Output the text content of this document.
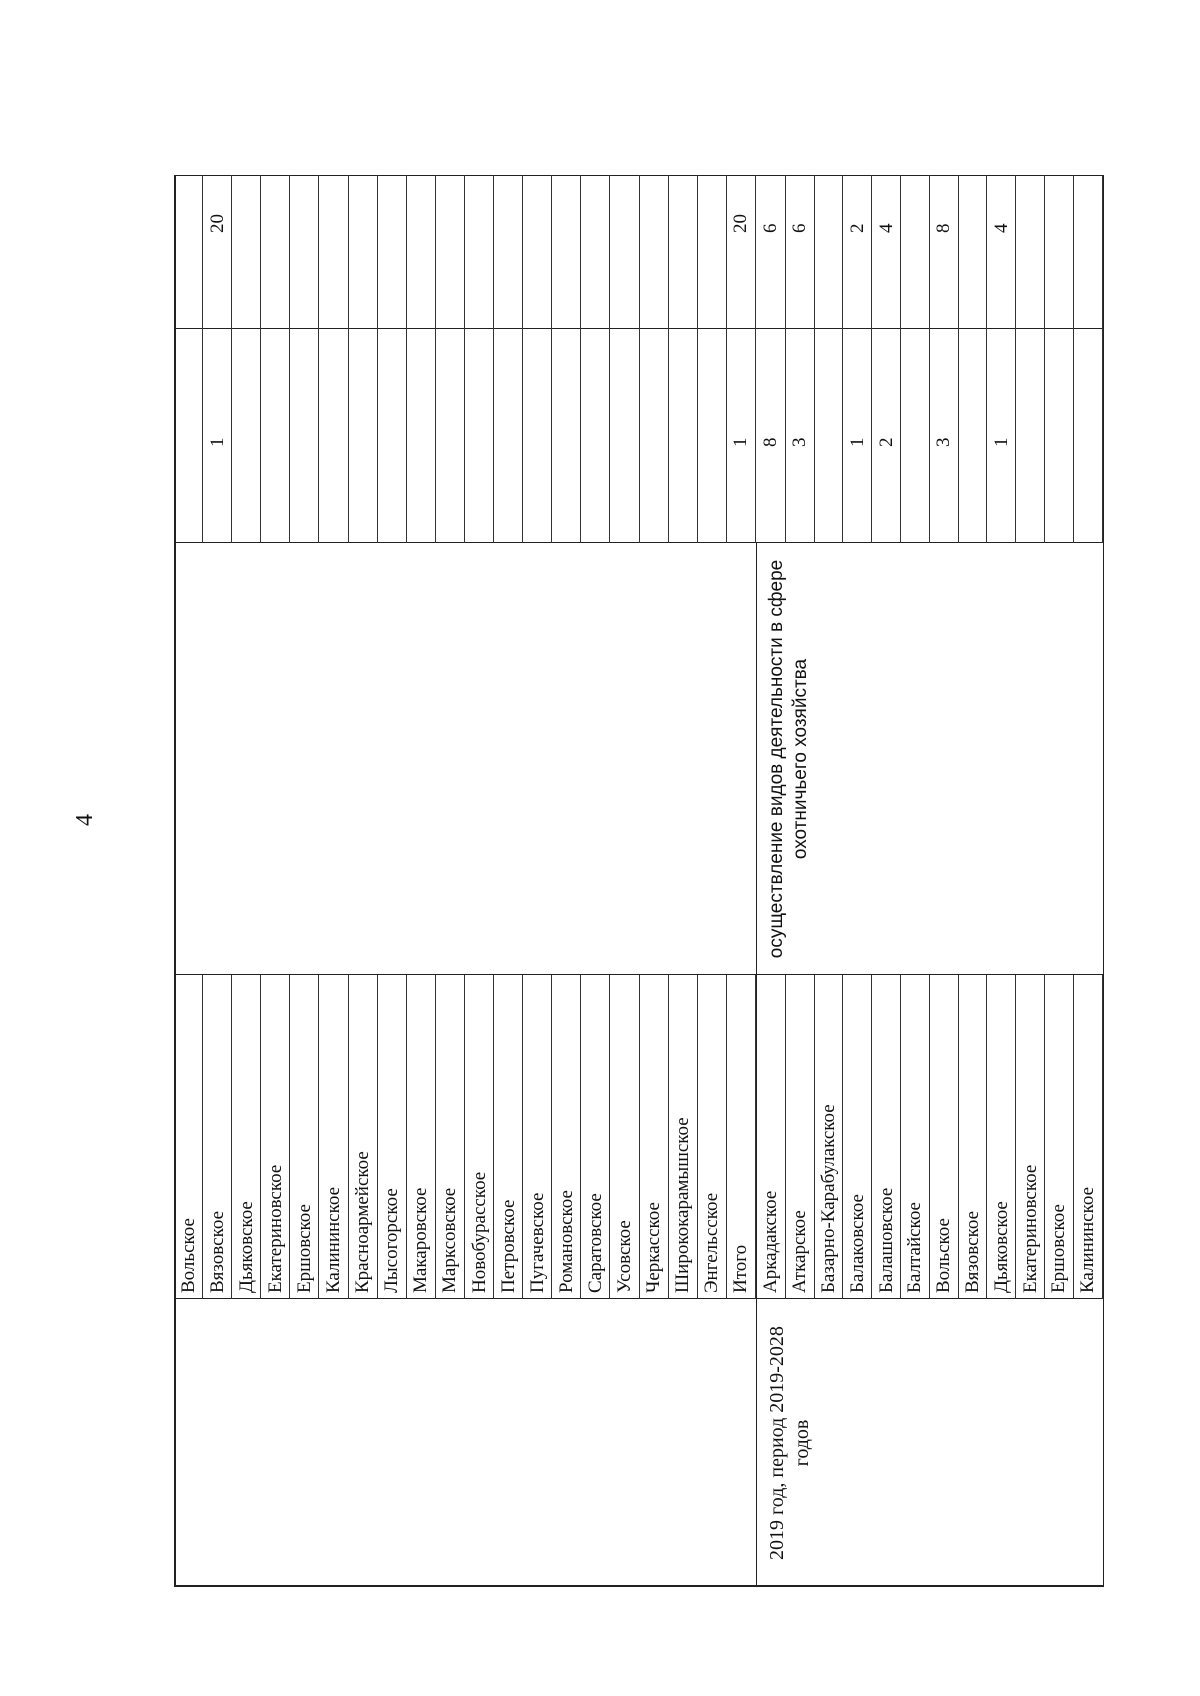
4
2019 год, период 2019-2028 годов
осуществление видов деятельности в сфере охотничьего хозяйства
Вольское Вязовское
1
20
Дьяковское Екатериновское Ершовское Калининское Красноармейское Лысогорское Макаровское Марксовское Новобурасское Петровское Пугачевское Романовское Саратовское Усовское Черкасское Ширококарамышское Энгельсское Итого
1
20
Аркадакское
8
6
Аткарское
3
6
Базарно-Карабулакское Балаковское
1
2
Балашовское
2
4
Балтайское Вольское
3
8
Вязовское Дьяковское
1
4
Екатериновское Ершовское Калининское
